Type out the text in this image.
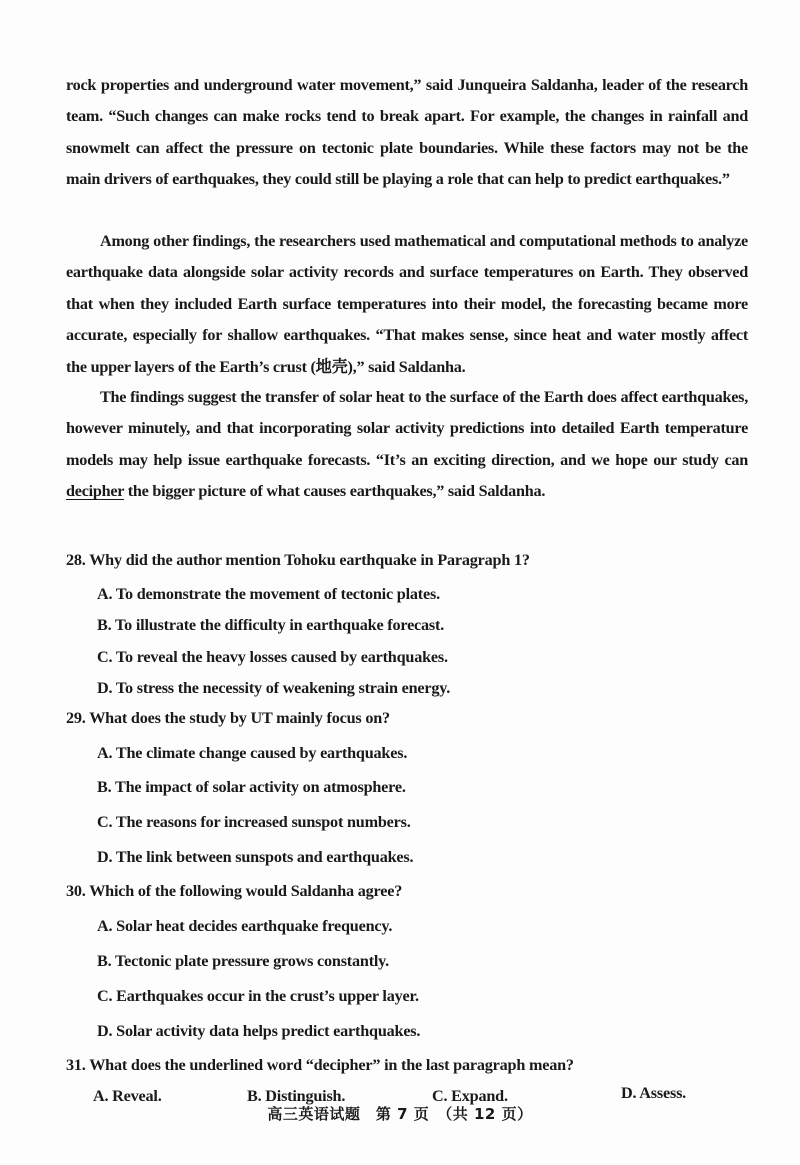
rock properties and underground water movement,” said Junqueira Saldanha, leader of the research team. “Such changes can make rocks tend to break apart. For example, the changes in rainfall and snowmelt can affect the pressure on tectonic plate boundaries. While these factors may not be the main drivers of earthquakes, they could still be playing a role that can help to predict earthquakes.”
Among other findings, the researchers used mathematical and computational methods to analyze earthquake data alongside solar activity records and surface temperatures on Earth. They observed that when they included Earth surface temperatures into their model, the forecasting became more accurate, especially for shallow earthquakes. “That makes sense, since heat and water mostly affect the upper layers of the Earth’s crust (地壳),” said Saldanha.
The findings suggest the transfer of solar heat to the surface of the Earth does affect earthquakes, however minutely, and that incorporating solar activity predictions into detailed Earth temperature models may help issue earthquake forecasts. “It’s an exciting direction, and we hope our study can decipher the bigger picture of what causes earthquakes,” said Saldanha.
28. Why did the author mention Tohoku earthquake in Paragraph 1?
A. To demonstrate the movement of tectonic plates.
B. To illustrate the difficulty in earthquake forecast.
C. To reveal the heavy losses caused by earthquakes.
D. To stress the necessity of weakening strain energy.
29. What does the study by UT mainly focus on?
A. The climate change caused by earthquakes.
B. The impact of solar activity on atmosphere.
C. The reasons for increased sunspot numbers.
D. The link between sunspots and earthquakes.
30. Which of the following would Saldanha agree?
A. Solar heat decides earthquake frequency.
B. Tectonic plate pressure grows constantly.
C. Earthquakes occur in the crust’s upper layer.
D. Solar activity data helps predict earthquakes.
31. What does the underlined word “decipher” in the last paragraph mean?
A. Reveal.	B. Distinguish.	C. Expand.	D. Assess.
高三英语试题　第 7 页　（共 12 页）
